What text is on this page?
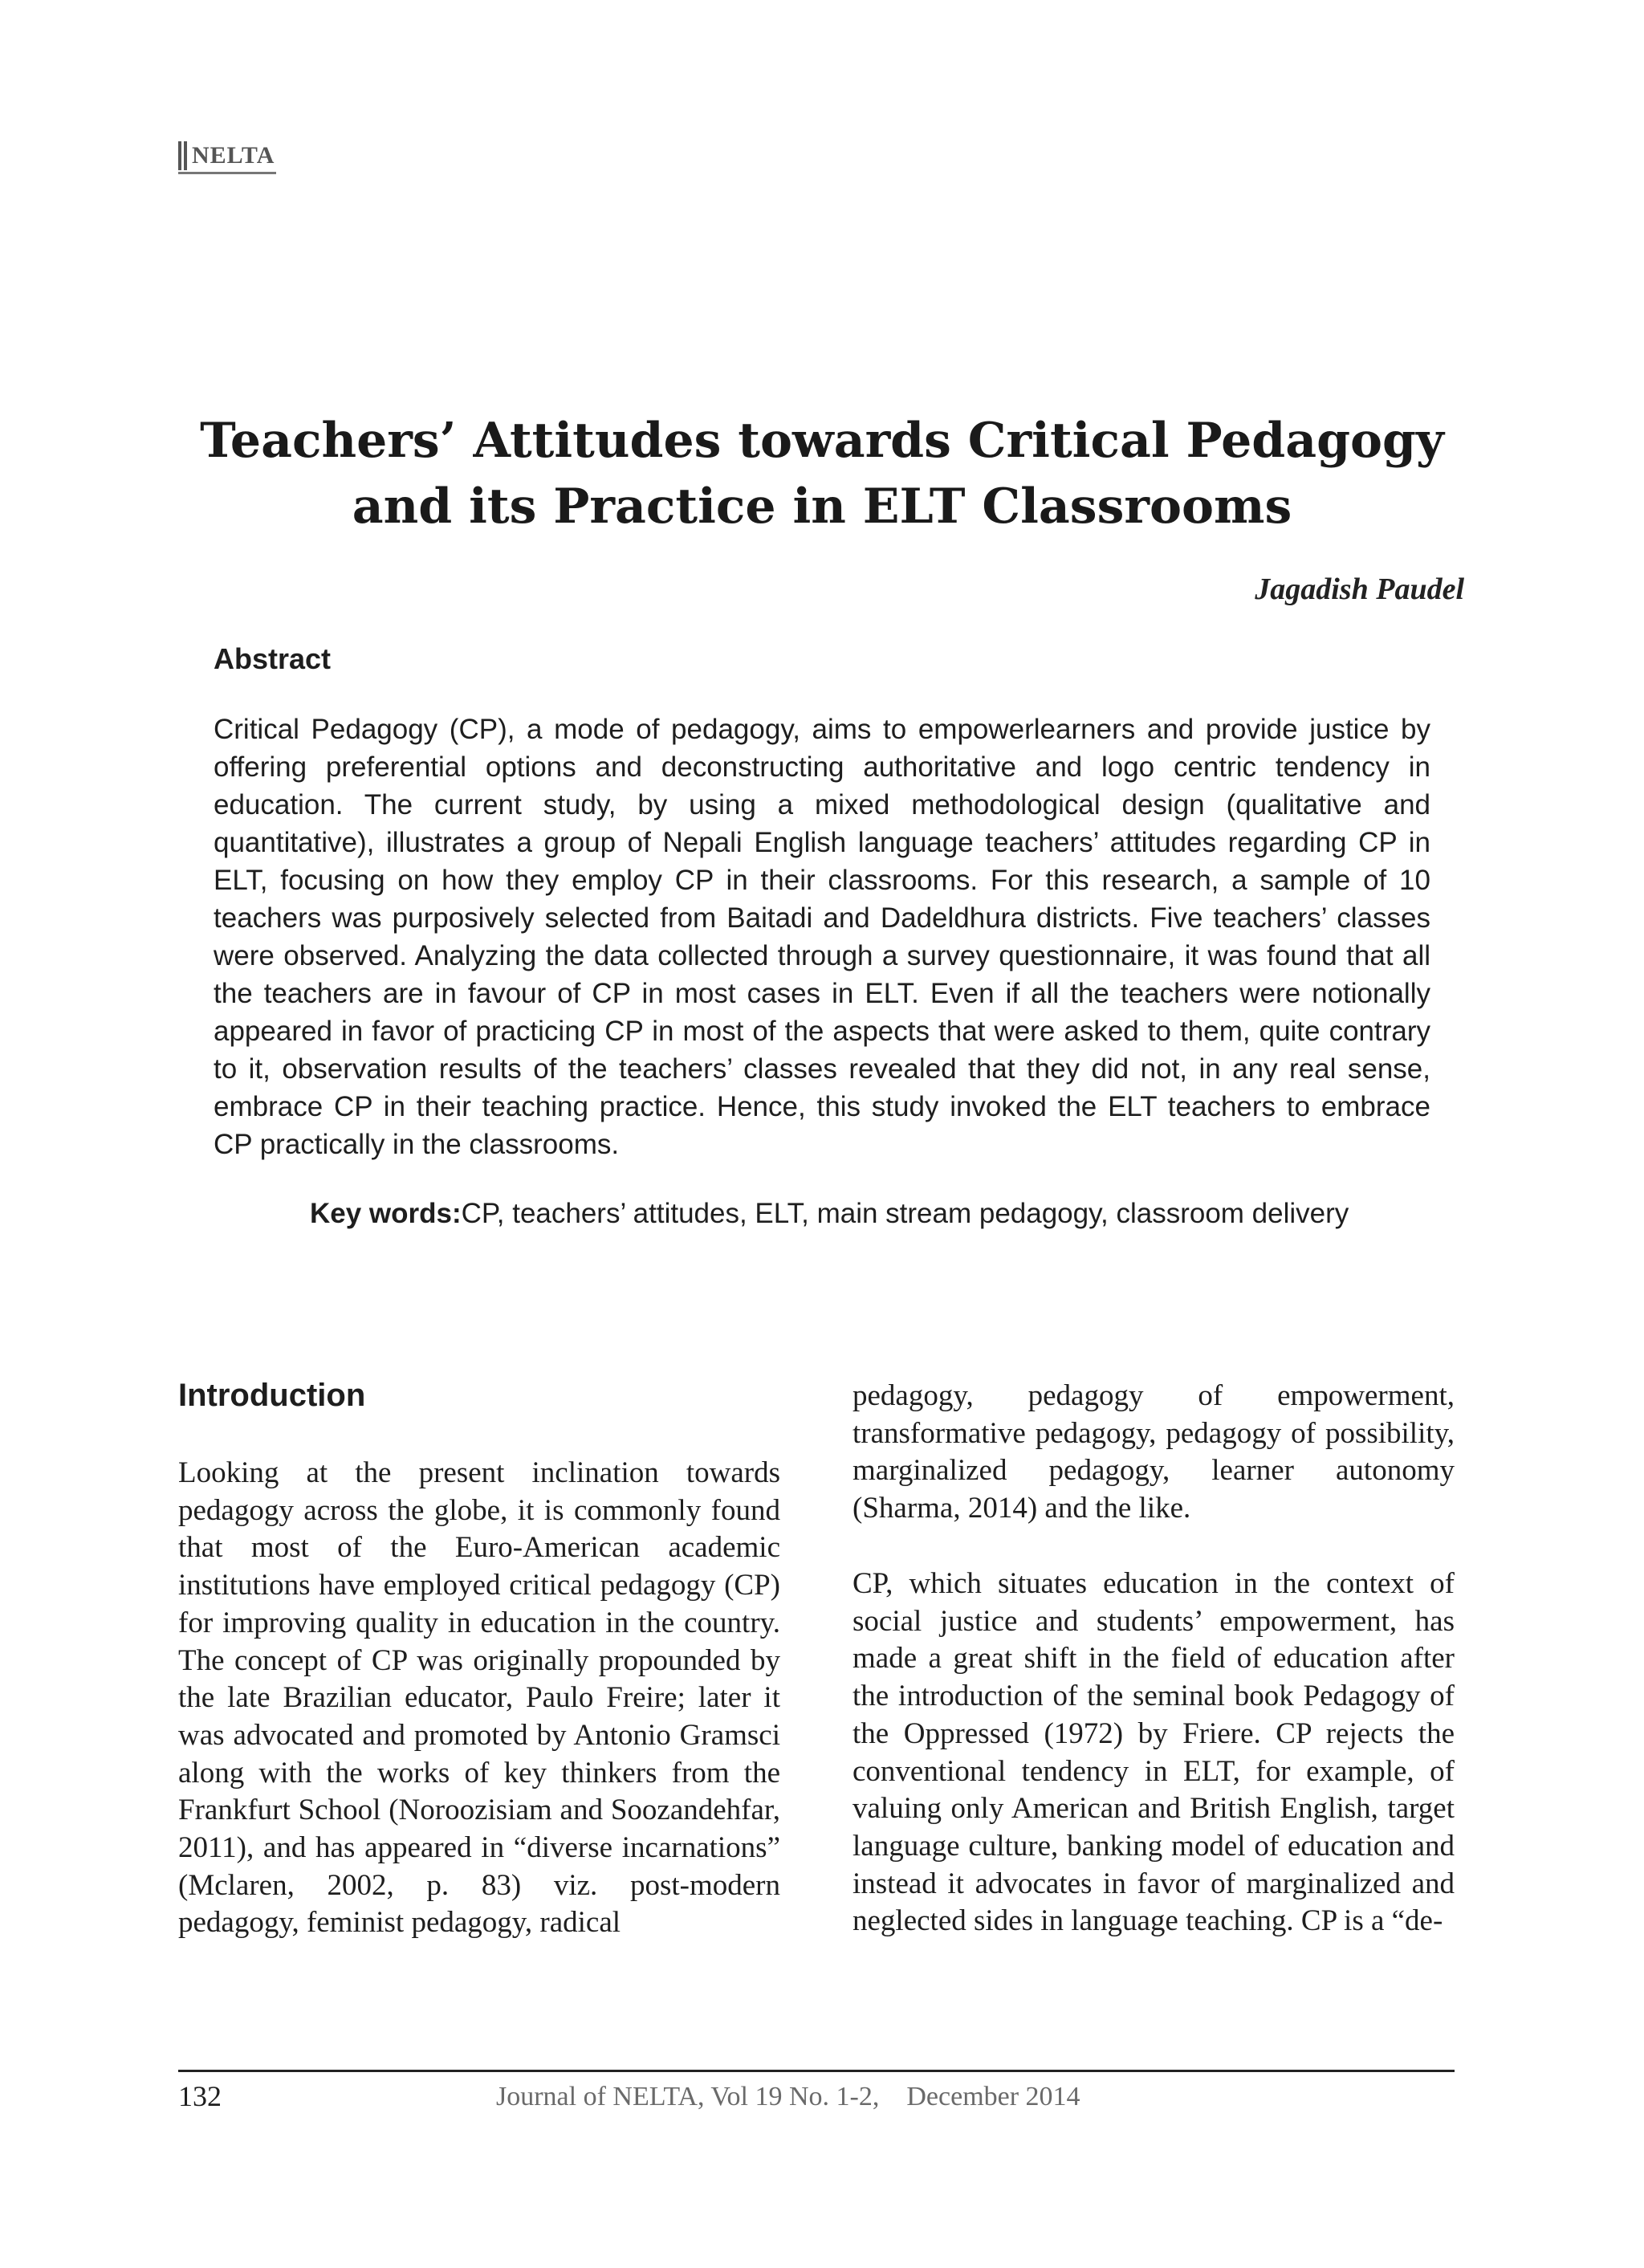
NELTA
Teachers’ Attitudes towards Critical Pedagogy
and its Practice in ELT Classrooms
Jagadish Paudel
Abstract

Critical Pedagogy (CP), a mode of pedagogy, aims to empowerlearners and provide justice by offering preferential options and deconstructing authoritative and logo centric tendency in education. The current study, by using a mixed methodological design (qualitative and quantitative), illustrates a group of Nepali English language teachers’ attitudes regarding CP in ELT, focusing on how they employ CP in their classrooms. For this research, a sample of 10 teachers was purposively selected from Baitadi and Dadeldhura districts. Five teachers’ classes were observed. Analyzing the data collected through a survey questionnaire, it was found that all the teachers are in favour of CP in most cases in ELT. Even if all the teachers were notionally appeared in favor of practicing CP in most of the aspects that were asked to them, quite contrary to it, observation results of the teachers’ classes revealed that they did not, in any real sense, embrace CP in their teaching practice. Hence, this study invoked the ELT teachers to embrace CP practically in the classrooms.

Key words:CP, teachers’ attitudes, ELT, main stream pedagogy, classroom delivery
Introduction

Looking at the present inclination towards pedagogy across the globe, it is commonly found that most of the Euro-American academic institutions have employed critical pedagogy (CP) for improving quality in education in the country. The concept of CP was originally propounded by the late Brazilian educator, Paulo Freire; later it was advocated and promoted by Antonio Gramsci along with the works of key thinkers from the Frankfurt School (Noroozisiam and Soozandehfar, 2011), and has appeared in “diverse incarnations” (Mclaren, 2002, p. 83) viz. post-modern pedagogy, feminist pedagogy, radical

pedagogy, pedagogy of empowerment, transformative pedagogy, pedagogy of possibility, marginalized pedagogy, learner autonomy (Sharma, 2014) and the like.

CP, which situates education in the context of social justice and students’ empowerment, has made a great shift in the field of education after the introduction of the seminal book Pedagogy of the Oppressed (1972) by Friere. CP rejects the conventional tendency in ELT, for example, of valuing only American and British English, target language culture, banking model of education and instead it advocates in favor of marginalized and neglected sides in language teaching. CP is a “de-

132	Journal of NELTA, Vol 19 No. 1-2,    December 2014
